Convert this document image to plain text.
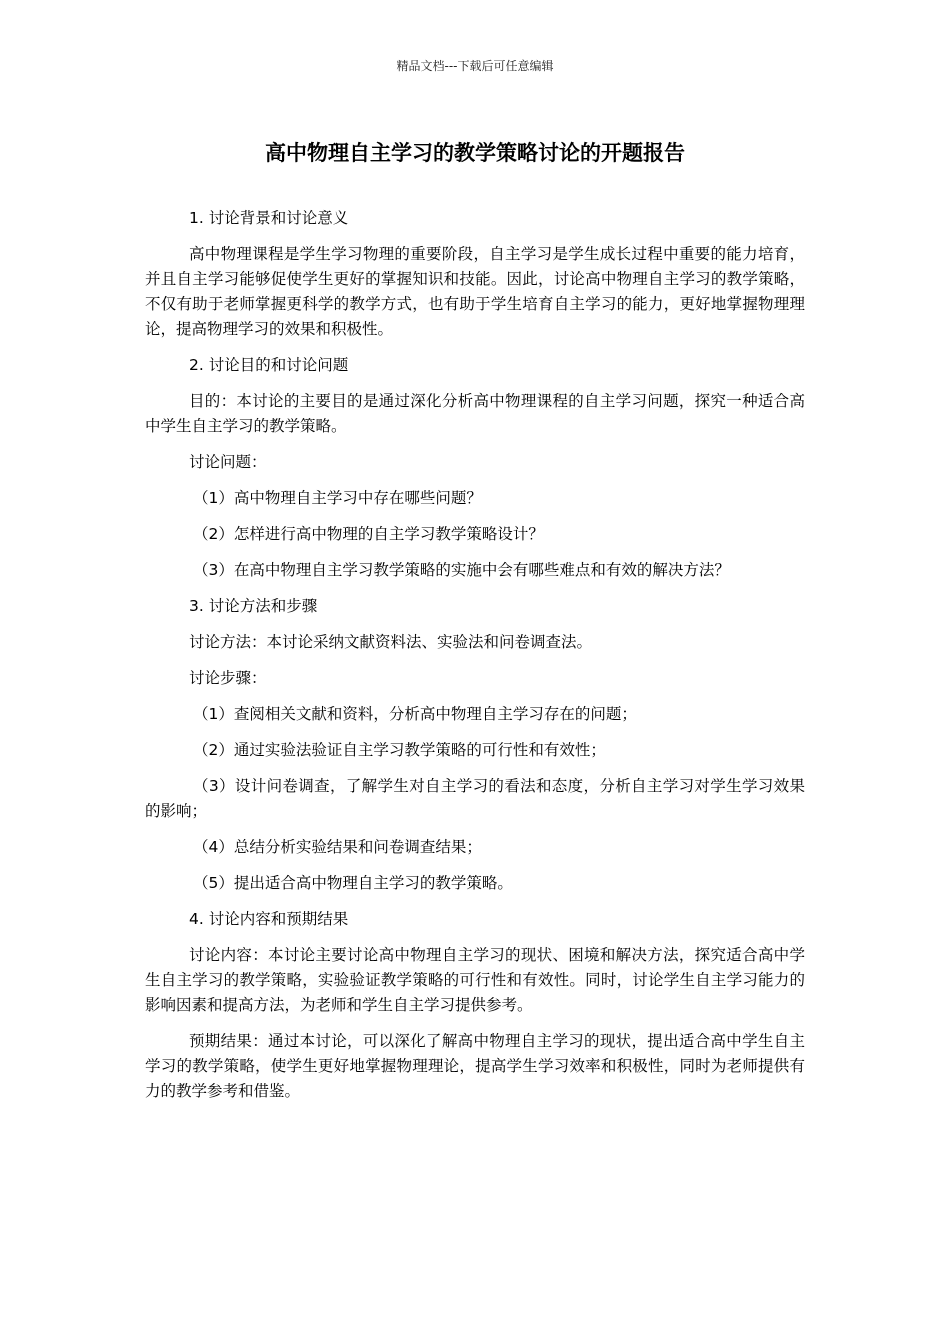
精品文档---下载后可任意编辑
高中物理自主学习的教学策略讨论的开题报告

1. 讨论背景和讨论意义

高中物理课程是学生学习物理的重要阶段，自主学习是学生成长过程中重要的能力培育，并且自主学习能够促使学生更好的掌握知识和技能。因此，讨论高中物理自主学习的教学策略，不仅有助于老师掌握更科学的教学方式，也有助于学生培育自主学习的能力，更好地掌握物理理论，提高物理学习的效果和积极性。

2. 讨论目的和讨论问题

目的：本讨论的主要目的是通过深化分析高中物理课程的自主学习问题，探究一种适合高中学生自主学习的教学策略。

讨论问题：

（1）高中物理自主学习中存在哪些问题？

（2）怎样进行高中物理的自主学习教学策略设计？

（3）在高中物理自主学习教学策略的实施中会有哪些难点和有效的解决方法？

3. 讨论方法和步骤

讨论方法：本讨论采纳文献资料法、实验法和问卷调查法。

讨论步骤：

（1）查阅相关文献和资料，分析高中物理自主学习存在的问题；

（2）通过实验法验证自主学习教学策略的可行性和有效性；

（3）设计问卷调查，了解学生对自主学习的看法和态度，分析自主学习对学生学习效果的影响；

（4）总结分析实验结果和问卷调查结果；

（5）提出适合高中物理自主学习的教学策略。

4. 讨论内容和预期结果

讨论内容：本讨论主要讨论高中物理自主学习的现状、困境和解决方法，探究适合高中学生自主学习的教学策略，实验验证教学策略的可行性和有效性。同时，讨论学生自主学习能力的影响因素和提高方法，为老师和学生自主学习提供参考。

预期结果：通过本讨论，可以深化了解高中物理自主学习的现状，提出适合高中学生自主学习的教学策略，使学生更好地掌握物理理论，提高学生学习效率和积极性，同时为老师提供有力的教学参考和借鉴。
